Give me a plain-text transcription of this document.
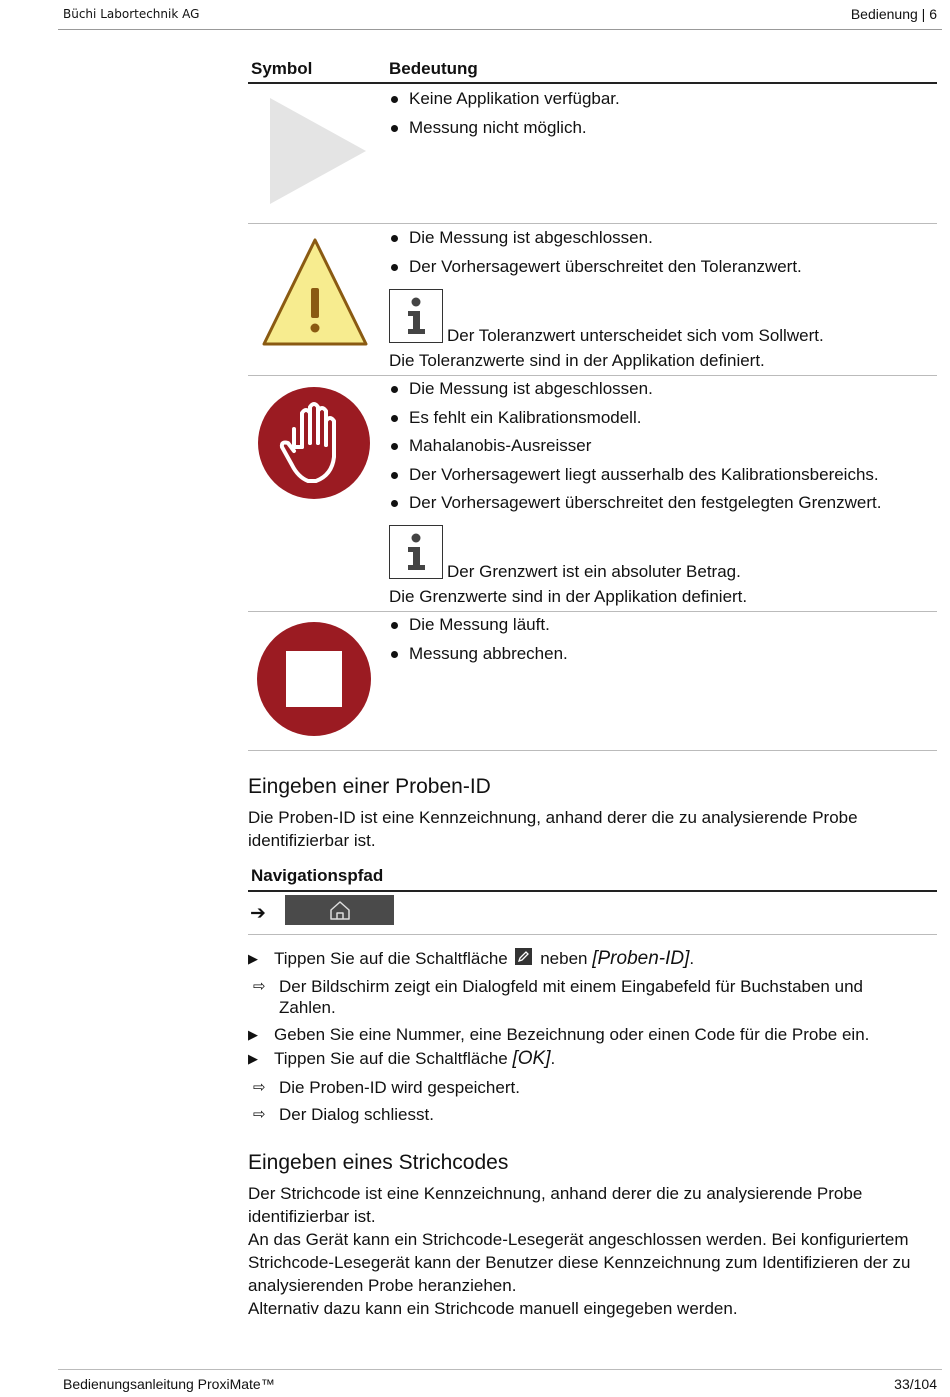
Büchi Labortechnik AG	Bedienung | 6
Symbol	Bedeutung
Keine Applikation verfügbar.
Messung nicht möglich.
Die Messung ist abgeschlossen.
Der Vorhersagewert überschreitet den Toleranzwert.
Der Toleranzwert unterscheidet sich vom Sollwert.
Die Toleranzwerte sind in der Applikation definiert.
Die Messung ist abgeschlossen.
Es fehlt ein Kalibrationsmodell.
Mahalanobis-Ausreisser
Der Vorhersagewert liegt ausserhalb des Kalibrationsbereichs.
Der Vorhersagewert überschreitet den festgelegten Grenzwert.
Der Grenzwert ist ein absoluter Betrag.
Die Grenzwerte sind in der Applikation definiert.
Die Messung läuft.
Messung abbrechen.
Eingeben einer Proben-ID
Die Proben-ID ist eine Kennzeichnung, anhand derer die zu analysierende Probe identifizierbar ist.
Navigationspfad
➔
▶ Tippen Sie auf die Schaltfläche neben [Proben-ID].
⇨ Der Bildschirm zeigt ein Dialogfeld mit einem Eingabefeld für Buchstaben und Zahlen.
▶ Geben Sie eine Nummer, eine Bezeichnung oder einen Code für die Probe ein.
▶ Tippen Sie auf die Schaltfläche [OK].
⇨ Die Proben-ID wird gespeichert.
⇨ Der Dialog schliesst.
Eingeben eines Strichcodes
Der Strichcode ist eine Kennzeichnung, anhand derer die zu analysierende Probe identifizierbar ist.
An das Gerät kann ein Strichcode-Lesegerät angeschlossen werden. Bei konfiguriertem Strichcode-Lesegerät kann der Benutzer diese Kennzeichnung zum Identifizieren der zu analysierenden Probe heranziehen.
Alternativ dazu kann ein Strichcode manuell eingegeben werden.
Bedienungsanleitung ProxiMate™	33/104
